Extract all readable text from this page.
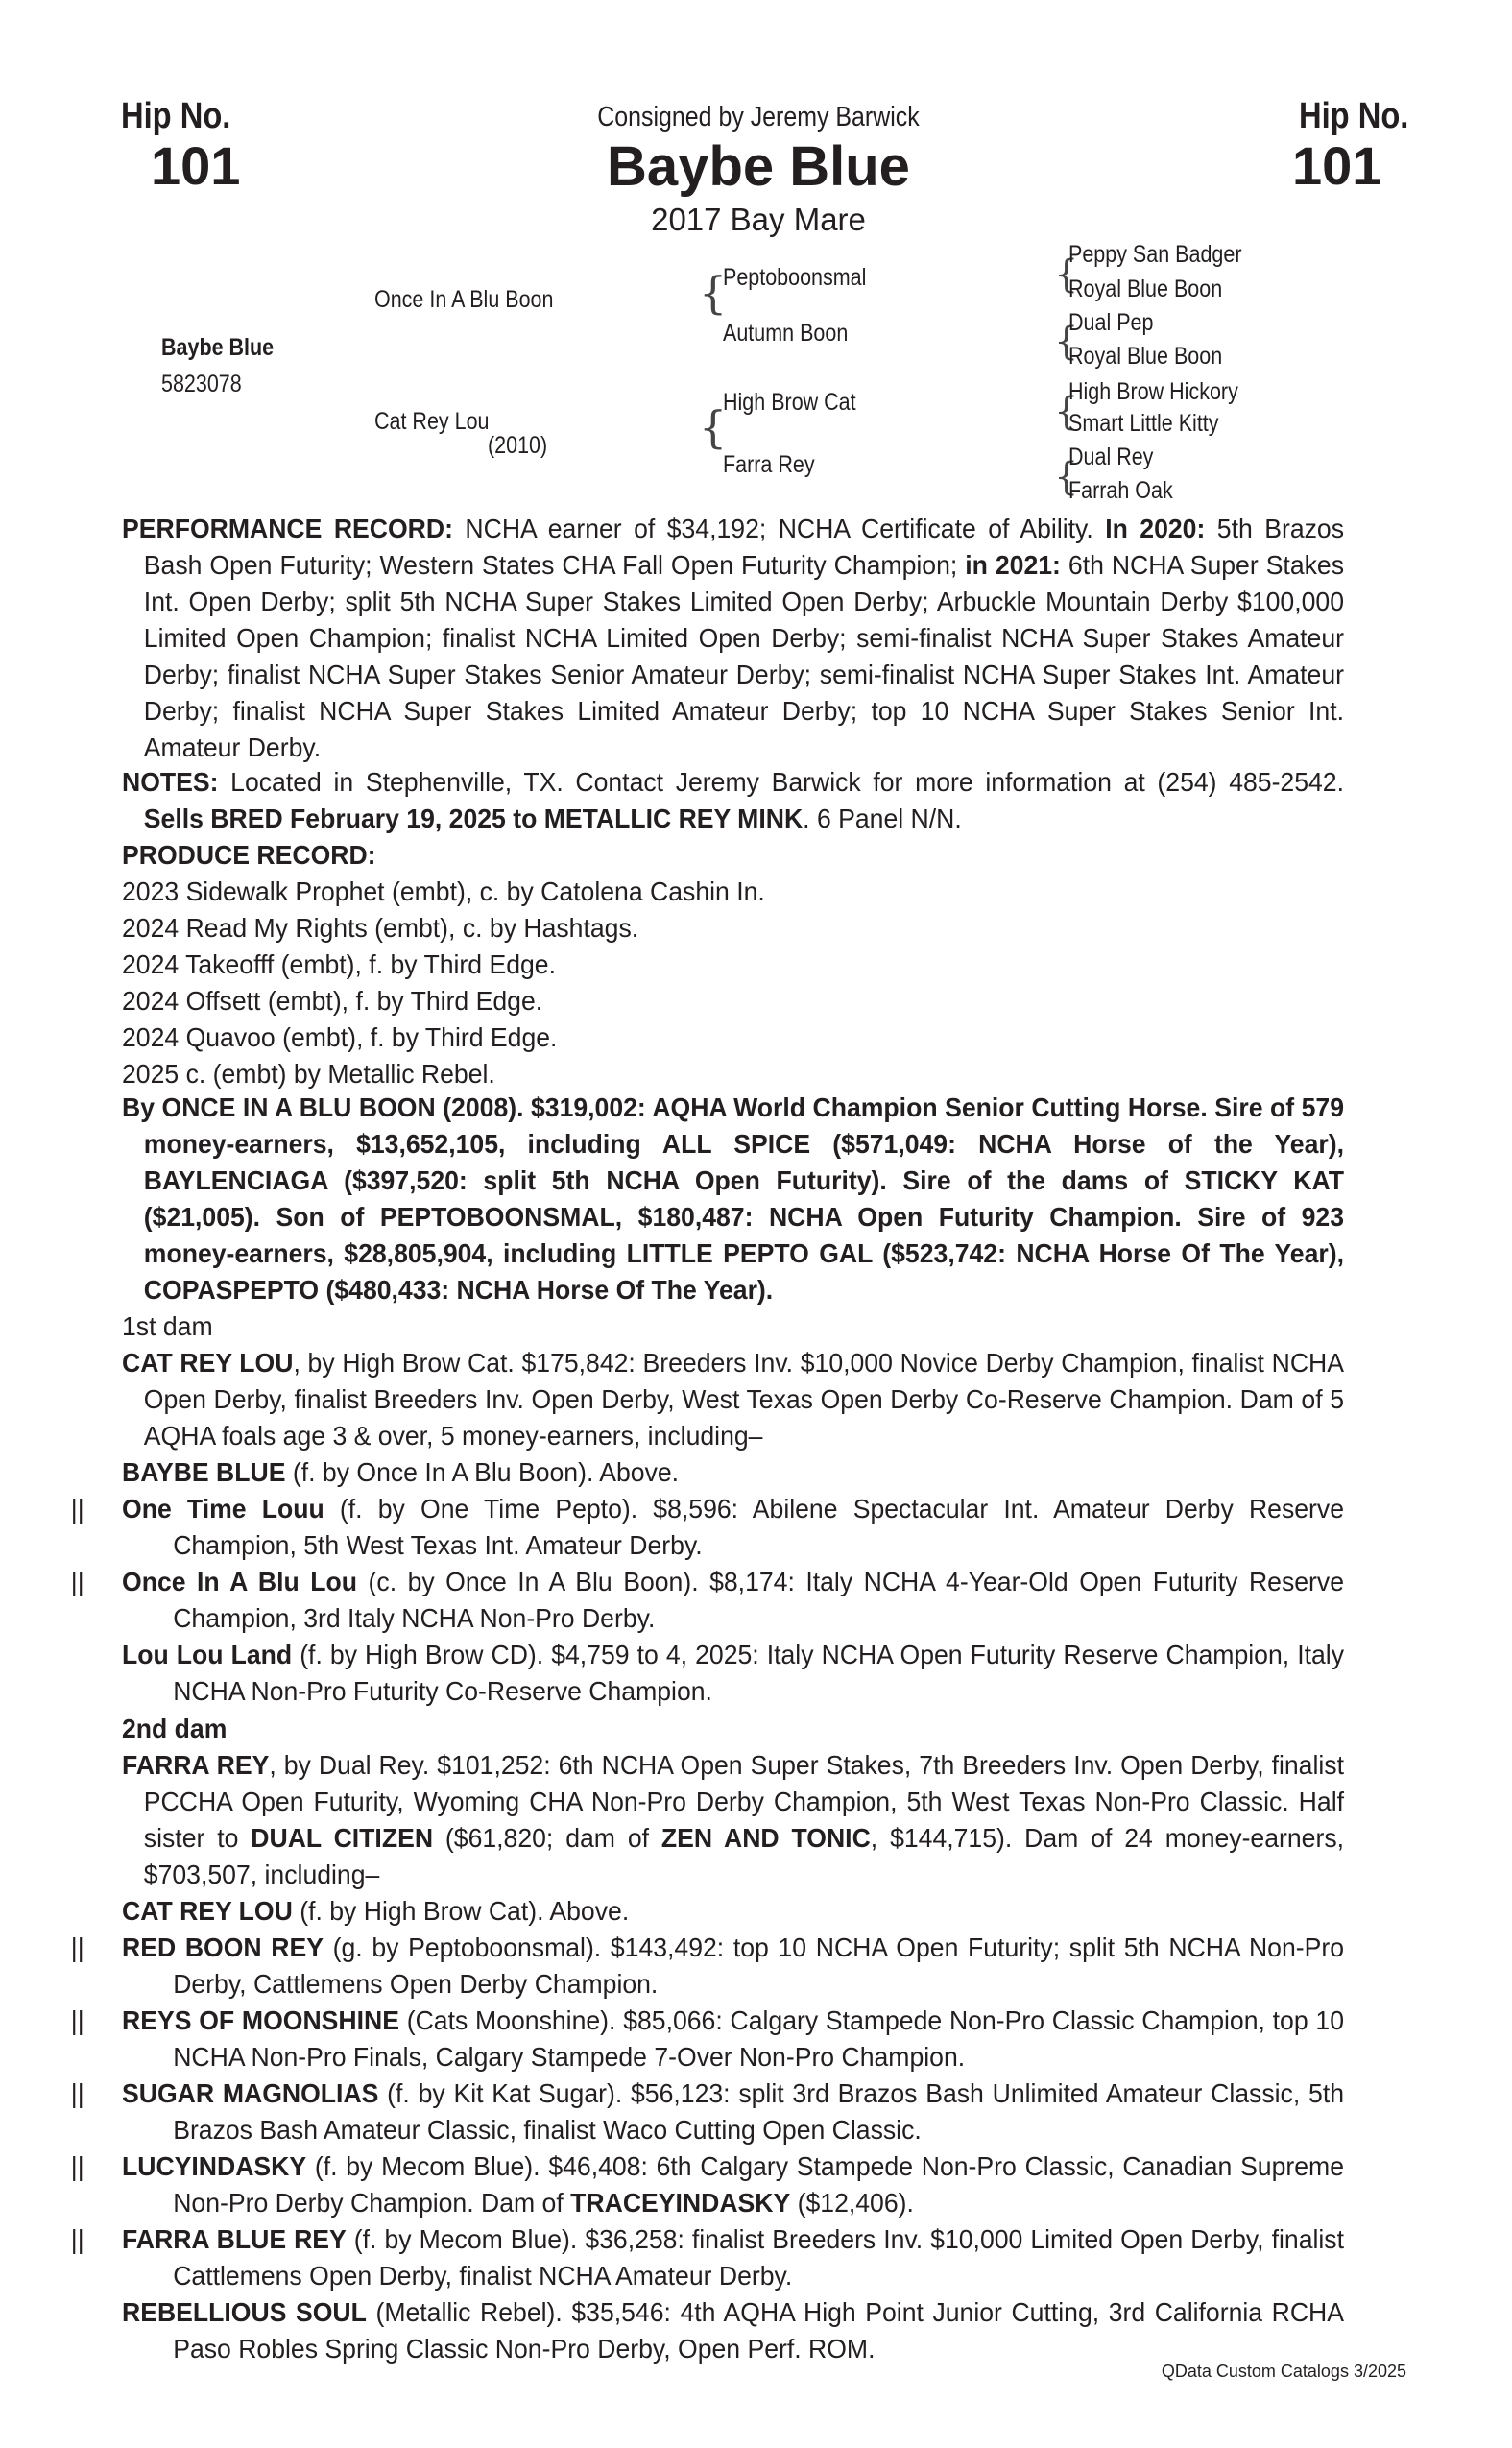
Hip No.
101
Hip No.
101
Consigned by Jeremy Barwick
Baybe Blue
2017 Bay Mare
Baybe Blue
5823078
Once In A Blu Boon
Cat Rey Lou
(2010)
{
Peptoboonsmal
Autumn Boon
{
High Brow Cat
Farra Rey
{
Peppy San Badger
Royal Blue Boon
{
Dual Pep
Royal Blue Boon
{
High Brow Hickory
Smart Little Kitty
{
Dual Rey
Farrah Oak

PERFORMANCE RECORD: NCHA earner of $34,192; NCHA Certificate of Ability. In 2020: 5th Brazos Bash Open Futurity; Western States CHA Fall Open Futurity Champion; in 2021: 6th NCHA Super Stakes Int. Open Derby; split 5th NCHA Super Stakes Limited Open Derby; Arbuckle Mountain Derby $100,000 Limited Open Champion; finalist NCHA Limited Open Derby; semi-finalist NCHA Super Stakes Amateur Derby; finalist NCHA Super Stakes Senior Amateur Derby; semi-finalist NCHA Super Stakes Int. Amateur Derby; finalist NCHA Super Stakes Limited Amateur Derby; top 10 NCHA Super Stakes Senior Int. Amateur Derby.

NOTES: Located in Stephenville, TX. Contact Jeremy Barwick for more information at (254) 485-2542. Sells BRED February 19, 2025 to METALLIC REY MINK. 6 Panel N/N.

PRODUCE RECORD:

2023 Sidewalk Prophet (embt), c. by Catolena Cashin In.

2024 Read My Rights (embt), c. by Hashtags.

2024 Takeofff (embt), f. by Third Edge.

2024 Offsett (embt), f. by Third Edge.

2024 Quavoo (embt), f. by Third Edge.

2025 c. (embt) by Metallic Rebel.

By ONCE IN A BLU BOON (2008). $319,002: AQHA World Champion Senior Cutting Horse. Sire of 579 money-earners, $13,652,105, including ALL SPICE ($571,049: NCHA Horse of the Year), BAYLENCIAGA ($397,520: split 5th NCHA Open Futurity). Sire of the dams of STICKY KAT ($21,005). Son of PEPTOBOONSMAL, $180,487: NCHA Open Futurity Champion. Sire of 923 money-earners, $28,805,904, including LITTLE PEPTO GAL ($523,742: NCHA Horse Of The Year), COPASPEPTO ($480,433: NCHA Horse Of The Year).

1st dam

CAT REY LOU, by High Brow Cat. $175,842: Breeders Inv. $10,000 Novice Derby Champion, finalist NCHA Open Derby, finalist Breeders Inv. Open Derby, West Texas Open Derby Co-Reserve Champion. Dam of 5 AQHA foals age 3 & over, 5 money-earners, including–

BAYBE BLUE (f. by Once In A Blu Boon). Above.

|| One Time Louu (f. by One Time Pepto). $8,596: Abilene Spectacular Int. Amateur Derby Reserve Champion, 5th West Texas Int. Amateur Derby.

|| Once In A Blu Lou (c. by Once In A Blu Boon). $8,174: Italy NCHA 4-Year-Old Open Futurity Reserve Champion, 3rd Italy NCHA Non-Pro Derby.

Lou Lou Land (f. by High Brow CD). $4,759 to 4, 2025: Italy NCHA Open Futurity Reserve Champion, Italy NCHA Non-Pro Futurity Co-Reserve Champion.

2nd dam

FARRA REY, by Dual Rey. $101,252: 6th NCHA Open Super Stakes, 7th Breeders Inv. Open Derby, finalist PCCHA Open Futurity, Wyoming CHA Non-Pro Derby Champion, 5th West Texas Non-Pro Classic. Half sister to DUAL CITIZEN ($61,820; dam of ZEN AND TONIC, $144,715). Dam of 24 money-earners, $703,507, including–

CAT REY LOU (f. by High Brow Cat). Above.

|| RED BOON REY (g. by Peptoboonsmal). $143,492: top 10 NCHA Open Futurity; split 5th NCHA Non-Pro Derby, Cattlemens Open Derby Champion.

|| REYS OF MOONSHINE (Cats Moonshine). $85,066: Calgary Stampede Non-Pro Classic Champion, top 10 NCHA Non-Pro Finals, Calgary Stampede 7-Over Non-Pro Champion.

|| SUGAR MAGNOLIAS (f. by Kit Kat Sugar). $56,123: split 3rd Brazos Bash Unlimited Amateur Classic, 5th Brazos Bash Amateur Classic, finalist Waco Cutting Open Classic.

|| LUCYINDASKY (f. by Mecom Blue). $46,408: 6th Calgary Stampede Non-Pro Classic, Canadian Supreme Non-Pro Derby Champion. Dam of TRACEYINDASKY ($12,406).

|| FARRA BLUE REY (f. by Mecom Blue). $36,258: finalist Breeders Inv. $10,000 Limited Open Derby, finalist Cattlemens Open Derby, finalist NCHA Amateur Derby.

REBELLIOUS SOUL (Metallic Rebel). $35,546: 4th AQHA High Point Junior Cutting, 3rd California RCHA Paso Robles Spring Classic Non-Pro Derby, Open Perf. ROM.

QData Custom Catalogs 3/2025
